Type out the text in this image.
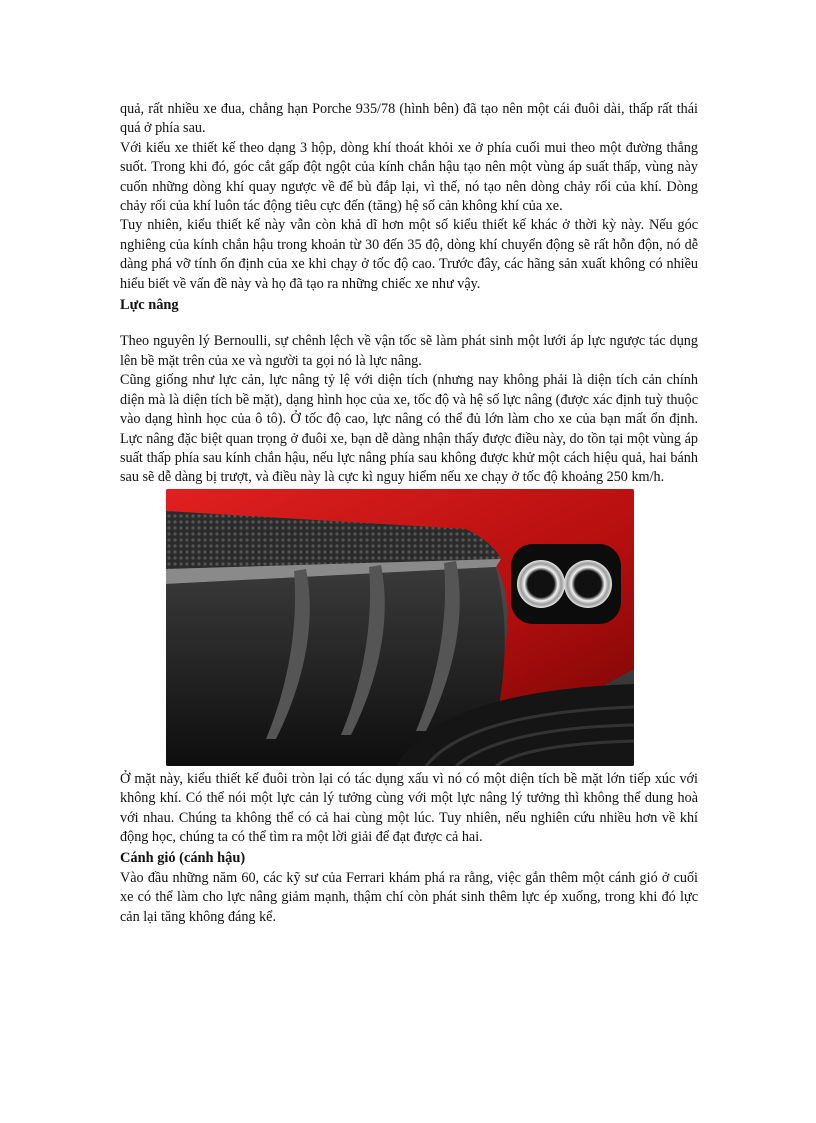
quả, rất nhiều xe đua, chẳng hạn Porche 935/78 (hình bên) đã tạo nên một cái đuôi dài, thấp rất thái quá ở phía sau.

Với kiểu xe thiết kế theo dạng 3 hộp, dòng khí thoát khỏi xe ở phía cuối mui theo một đường thẳng suốt. Trong khi đó, góc cắt gấp đột ngột của kính chắn hậu tạo nên một vùng áp suất thấp, vùng này cuốn những dòng khí quay ngược về để bù đắp lại, vì thế, nó tạo nên dòng chảy rối của khí. Dòng chảy rối của khí luôn tác động tiêu cực đến (tăng) hệ số cản không khí của xe.

Tuy nhiên, kiểu thiết kế này vẫn còn khả dĩ hơn một số kiểu thiết kế khác ở thời kỳ này. Nếu góc nghiêng của kính chắn hậu trong khoản từ 30 đến 35 độ, dòng khí chuyển động sẽ rất hỗn độn, nó dễ dàng phá vỡ tính ổn định của xe khi chạy ở tốc độ cao. Trước đây, các hãng sản xuất không có nhiều hiểu biết về vấn đề này và họ đã tạo ra những chiếc xe như vậy.

Lực nâng

Theo nguyên lý Bernoulli, sự chênh lệch về vận tốc sẽ làm phát sinh một lưới áp lực ngược tác dụng lên bề mặt trên của xe và người ta gọi nó là lực nâng.

Cũng giống như lực cản, lực nâng tỷ lệ với diện tích (nhưng nay không phải là diện tích cản chính diện mà là diện tích bề mặt), dạng hình học của xe, tốc độ và hệ số lực nâng (được xác định tuỳ thuộc vào dạng hình học của ô tô). Ở tốc độ cao, lực nâng có thể đủ lớn làm cho xe của bạn mất ổn định. Lực nâng đặc biệt quan trọng ở đuôi xe, bạn dễ dàng nhận thấy được điều này, do tồn tại một vùng áp suất thấp phía sau kính chắn hậu, nếu lực nâng phía sau không được khử một cách hiệu quả, hai bánh sau sẽ dễ dàng bị trượt, và điều này là cực kì nguy hiểm nếu xe chạy ở tốc độ khoảng 250 km/h.

Ở mặt này, kiểu thiết kế đuôi tròn lại có tác dụng xấu vì nó có một diện tích bề mặt lớn tiếp xúc với không khí. Có thể nói một lực cản lý tưởng cùng với một lực nâng lý tưởng thì không thể dung hoà với nhau. Chúng ta không thể có cả hai cùng một lúc. Tuy nhiên, nếu nghiên cứu nhiều hơn về khí động học, chúng ta có thể tìm ra một lời giải để đạt được cả hai.

Cánh gió (cánh hậu)

Vào đầu những năm 60, các kỹ sư của Ferrari khám phá ra rằng, việc gắn thêm một cánh gió ở cuối xe có thể làm cho lực nâng giảm mạnh, thậm chí còn phát sinh thêm lực ép xuống, trong khi đó lực cản lại tăng không đáng kể.
